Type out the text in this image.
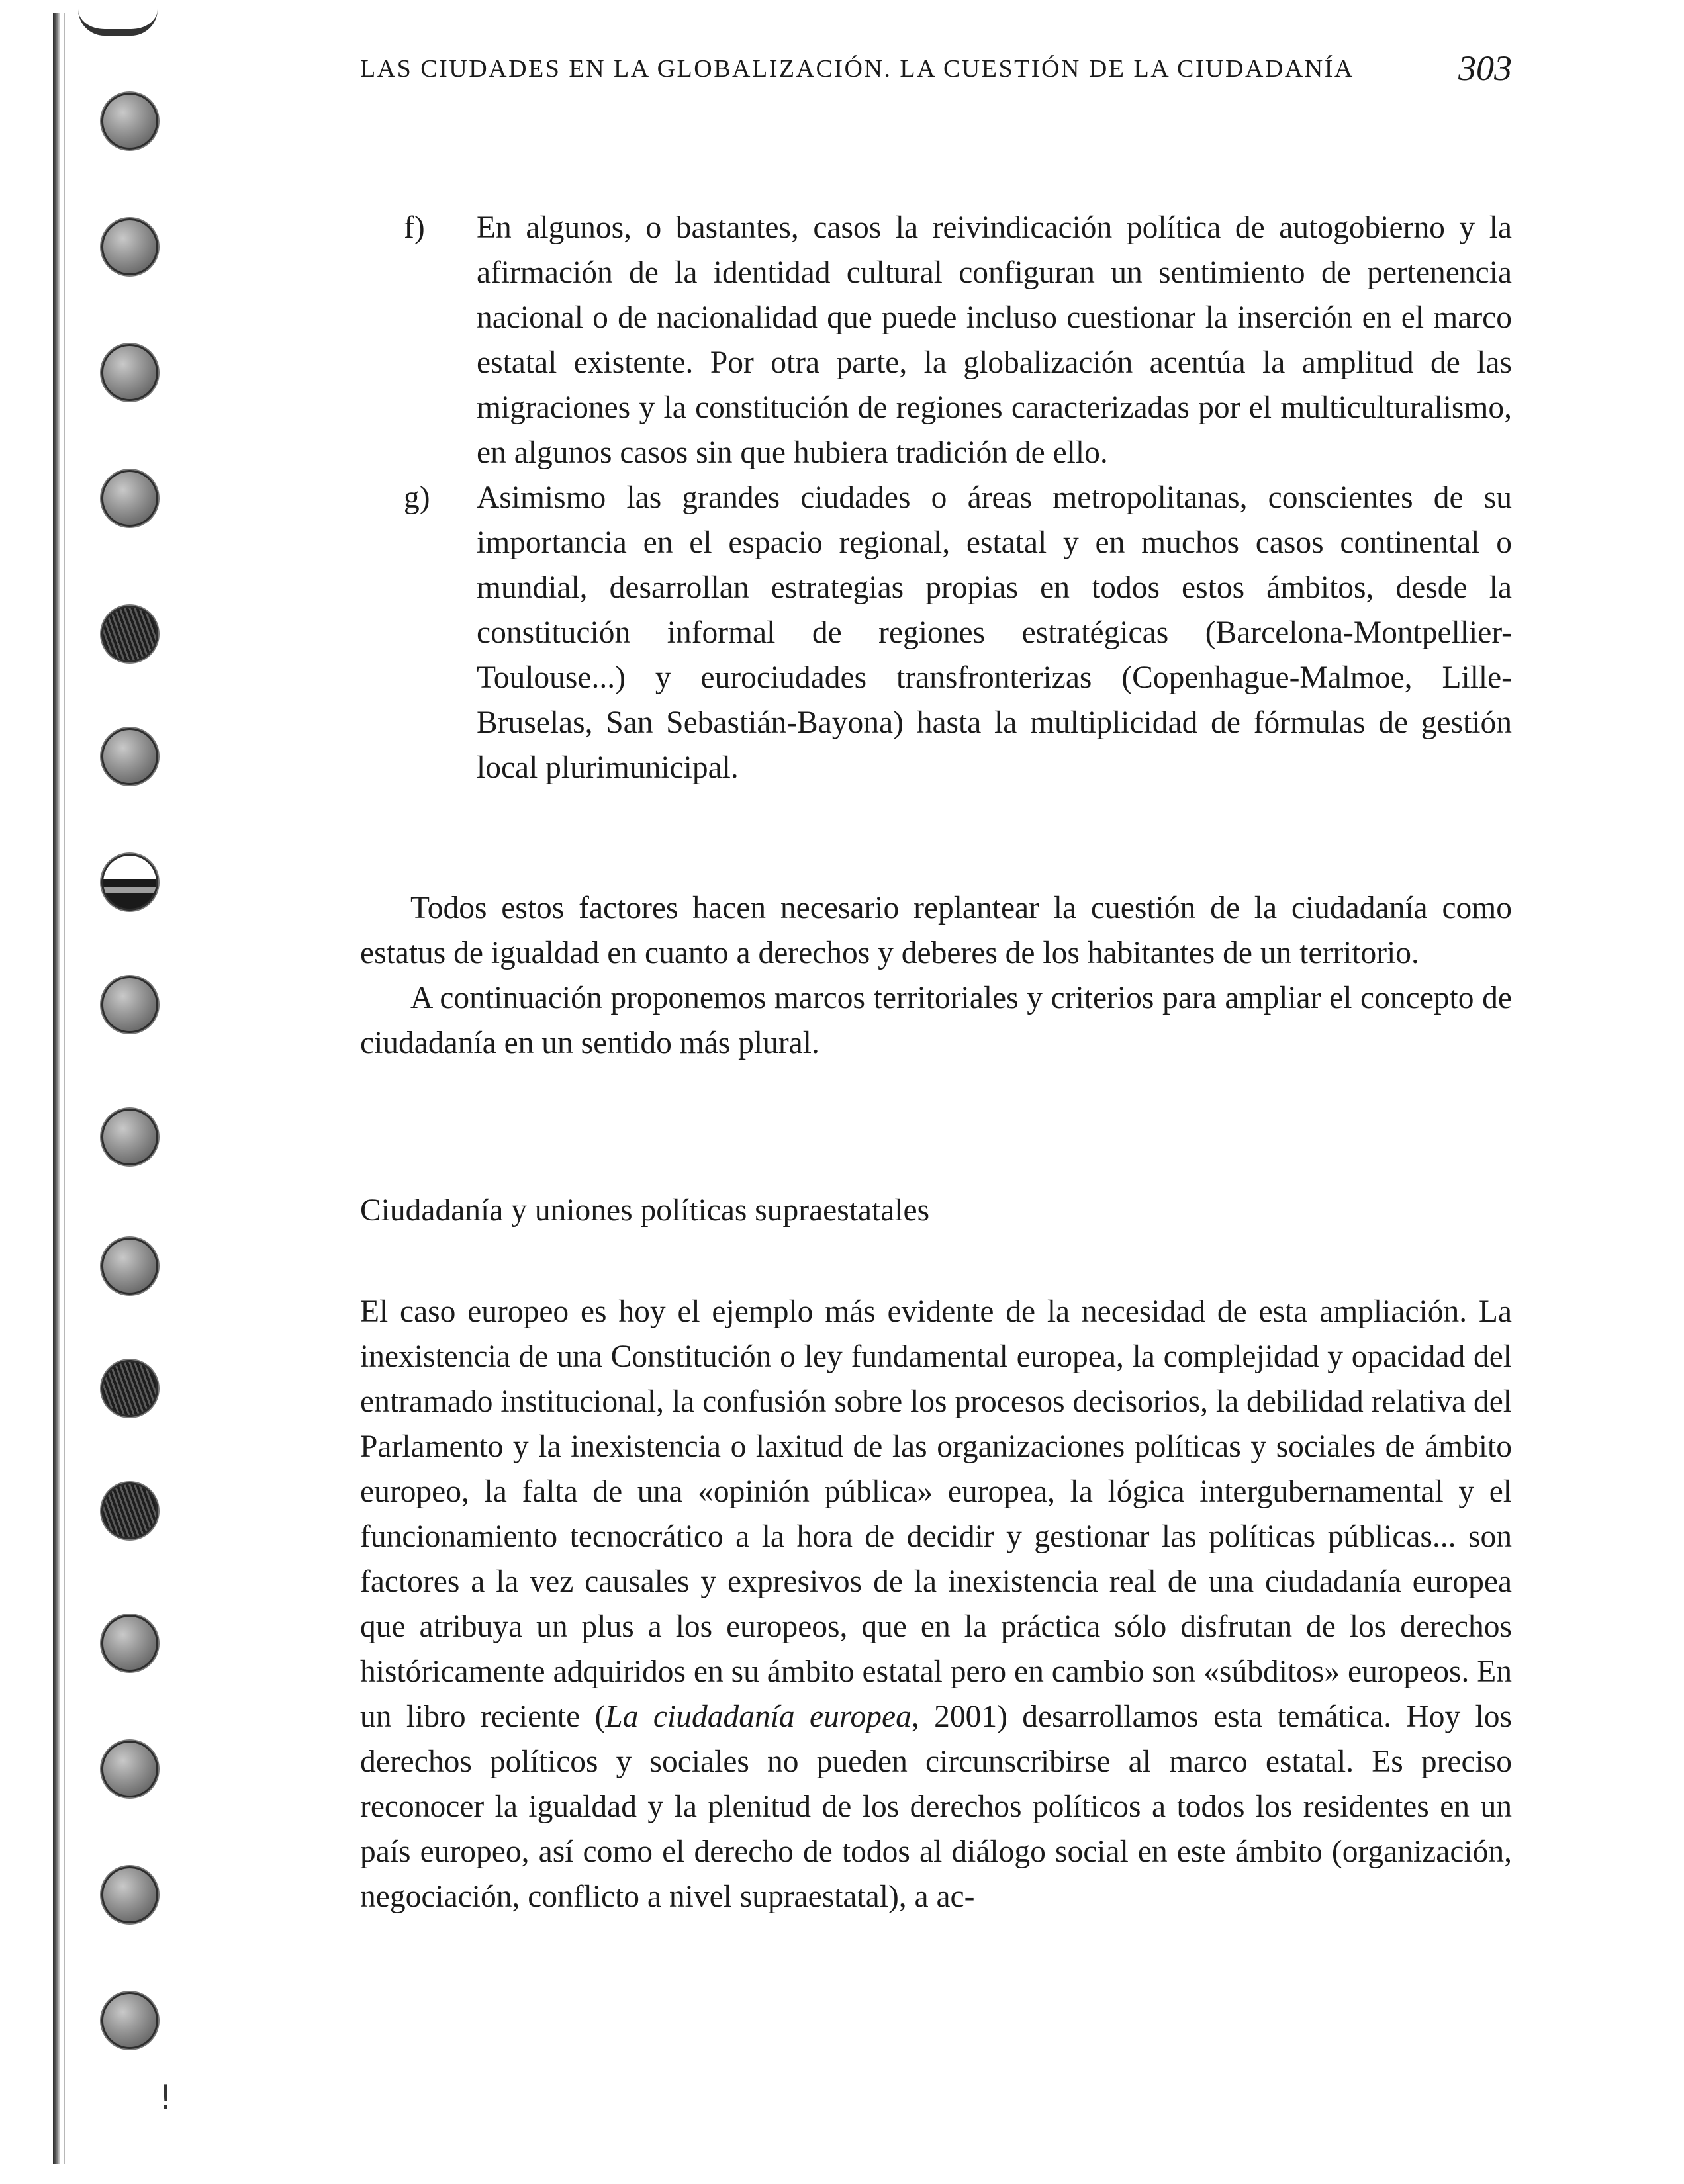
!
LAS CIUDADES EN LA GLOBALIZACIÓN. LA CUESTIÓN DE LA CIUDADANÍA	303
f) En algunos, o bastantes, casos la reivindicación política de autogobierno y la afirmación de la identidad cultural configuran un sentimiento de pertenencia nacional o de nacionalidad que puede incluso cuestionar la inserción en el marco estatal existente. Por otra parte, la globalización acentúa la amplitud de las migraciones y la constitución de regiones caracterizadas por el multiculturalismo, en algunos casos sin que hubiera tradición de ello.

g) Asimismo las grandes ciudades o áreas metropolitanas, conscientes de su importancia en el espacio regional, estatal y en muchos casos continental o mundial, desarrollan estrategias propias en todos estos ámbitos, desde la constitución informal de regiones estratégicas (Barcelona-Montpellier-Toulouse...) y eurociudades transfronterizas (Copenhague-Malmoe, Lille-Bruselas, San Sebastián-Bayona) hasta la multiplicidad de fórmulas de gestión local plurimunicipal.

Todos estos factores hacen necesario replantear la cuestión de la ciudadanía como estatus de igualdad en cuanto a derechos y deberes de los habitantes de un territorio.

A continuación proponemos marcos territoriales y criterios para ampliar el concepto de ciudadanía en un sentido más plural.

Ciudadanía y uniones políticas supraestatales

El caso europeo es hoy el ejemplo más evidente de la necesidad de esta ampliación. La inexistencia de una Constitución o ley fundamental europea, la complejidad y opacidad del entramado institucional, la confusión sobre los procesos decisorios, la debilidad relativa del Parlamento y la inexistencia o laxitud de las organizaciones políticas y sociales de ámbito europeo, la falta de una «opinión pública» europea, la lógica intergubernamental y el funcionamiento tecnocrático a la hora de decidir y gestionar las políticas públicas... son factores a la vez causales y expresivos de la inexistencia real de una ciudadanía europea que atribuya un plus a los europeos, que en la práctica sólo disfrutan de los derechos históricamente adquiridos en su ámbito estatal pero en cambio son «súbditos» europeos. En un libro reciente (La ciudadanía europea, 2001) desarrollamos esta temática. Hoy los derechos políticos y sociales no pueden circunscribirse al marco estatal. Es preciso reconocer la igualdad y la plenitud de los derechos políticos a todos los residentes en un país europeo, así como el derecho de todos al diálogo social en este ámbito (organización, negociación, conflicto a nivel supraestatal), a ac-
